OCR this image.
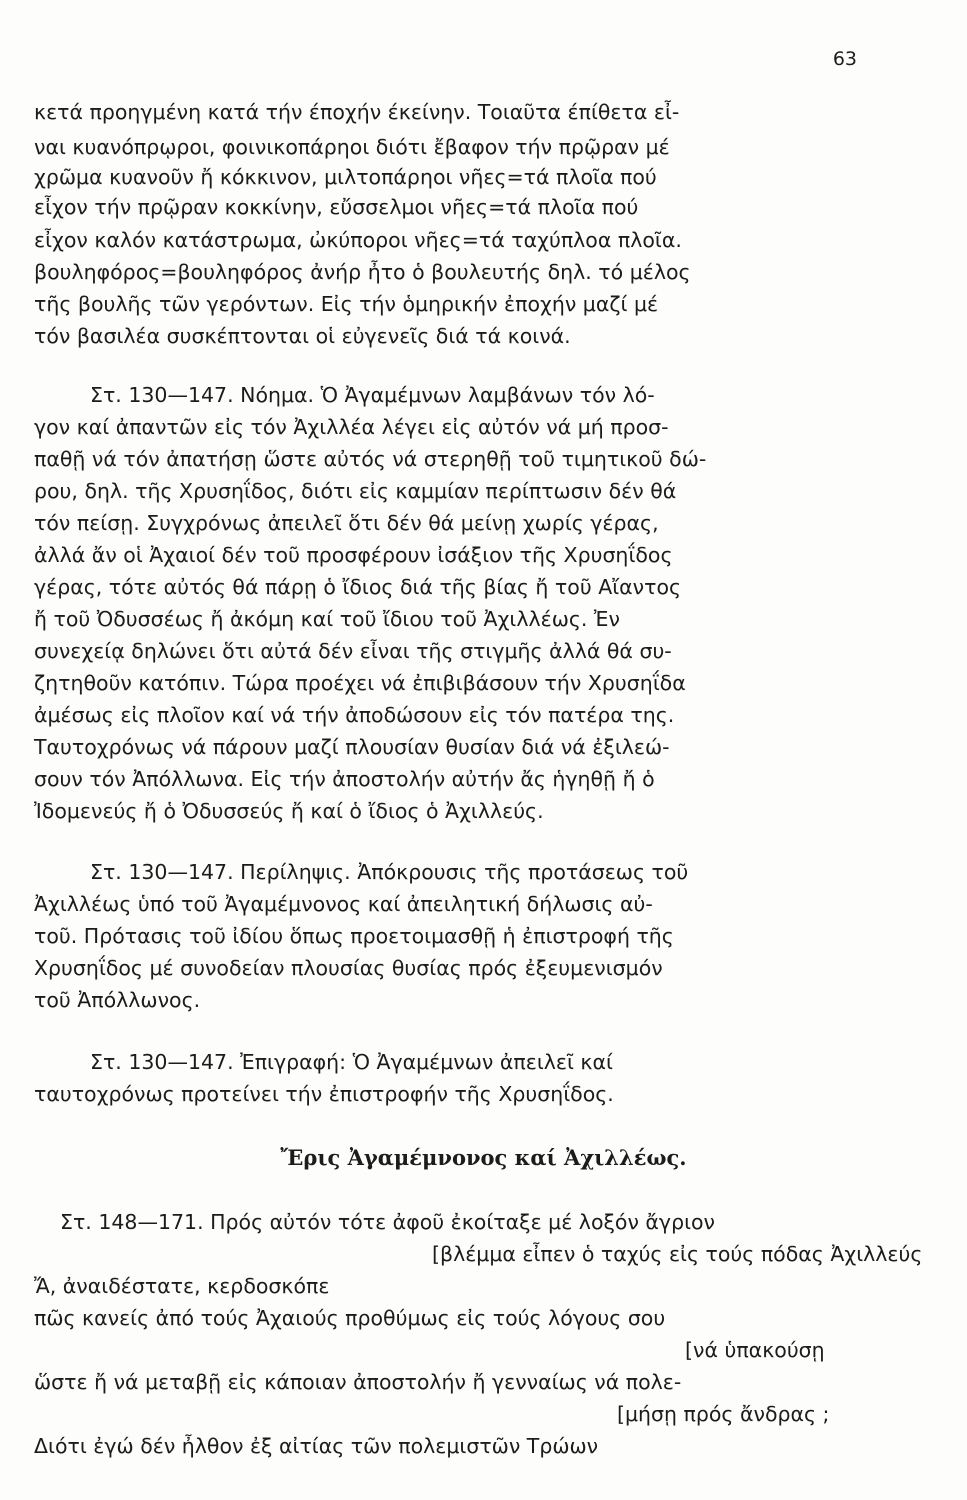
63
κετά προηγμένη κατά τήν έποχήν έκείνην. Τοιαῦτα έπίθετα εἶ-
ναι κυανόπρῳροι, φοινικοπάρηοι διότι ἔβαφον τήν πρῷραν μέ
χρῶμα κυανοῦν ἤ κόκκινον, μιλτοπάρηοι νῆες=τά πλοῖα πού
εἶχον τήν πρῷραν κοκκίνην, εὔσσελμοι νῆες=τά πλοῖα πού
εἶχον καλόν κατάστρωμα, ὠκύποροι νῆες=τά ταχύπλοα πλοῖα.
βουληφόρος=βουληφόρος ἀνήρ ἦτο ὁ βουλευτής δηλ. τό μέλος
τῆς βουλῆς τῶν γερόντων. Εἰς τήν ὁμηρικήν ἐποχήν μαζί μέ
τόν βασιλέα συσκέπτονται οἱ εὐγενεῖς διά τά κοινά.
Στ. 130—147. Νόημα. Ὁ Ἀγαμέμνων λαμβάνων τόν λό-
γον καί ἀπαντῶν εἰς τόν Ἀχιλλέα λέγει εἰς αὐτόν νά μή προσ-
παθῇ νά τόν ἀπατήσῃ ὥστε αὐτός νά στερηθῇ τοῦ τιμητικοῦ δώ-
ρου, δηλ. τῆς Χρυσηΐδος, διότι εἰς καμμίαν περίπτωσιν δέν θά
τόν πείσῃ. Συγχρόνως ἀπειλεῖ ὅτι δέν θά μείνῃ χωρίς γέρας,
ἀλλά ἄν οἱ Ἀχαιοί δέν τοῦ προσφέρουν ἰσάξιον τῆς Χρυσηΐδος
γέρας, τότε αὐτός θά πάρῃ ὁ ἴδιος διά τῆς βίας ἤ τοῦ Αἴαντος
ἤ τοῦ Ὀδυσσέως ἤ ἀκόμη καί τοῦ ἴδιου τοῦ Ἀχιλλέως. Ἐν
συνεχείᾳ δηλώνει ὅτι αὐτά δέν εἶναι τῆς στιγμῆς ἀλλά θά συ-
ζητηθοῦν κατόπιν. Τώρα προέχει νά ἐπιβιβάσουν τήν Χρυσηΐδα
ἀμέσως εἰς πλοῖον καί νά τήν ἀποδώσουν εἰς τόν πατέρα της.
Ταυτοχρόνως νά πάρουν μαζί πλουσίαν θυσίαν διά νά ἐξιλεώ-
σουν τόν Ἀπόλλωνα. Εἰς τήν ἀποστολήν αὐτήν ἄς ἡγηθῇ ἤ ὁ
Ἰδομενεύς ἤ ὁ Ὀδυσσεύς ἤ καί ὁ ἴδιος ὁ Ἀχιλλεύς.
Στ. 130—147. Περίληψις. Ἀπόκρουσις τῆς προτάσεως τοῦ
Ἀχιλλέως ὑπό τοῦ Ἀγαμέμνονος καί ἀπειλητική δήλωσις αὐ-
τοῦ. Πρότασις τοῦ ἰδίου ὅπως προετοιμασθῇ ἡ ἐπιστροφή τῆς
Χρυσηΐδος μέ συνοδείαν πλουσίας θυσίας πρός ἐξευμενισμόν
τοῦ Ἀπόλλωνος.
Στ. 130—147. Ἐπιγραφή: Ὁ Ἀγαμέμνων ἀπειλεῖ καί
ταυτοχρόνως προτείνει τήν ἐπιστροφήν τῆς Χρυσηΐδος.
Ἔρις Ἀγαμέμνονος καί Ἀχιλλέως.
Στ. 148—171. Πρός αὐτόν τότε ἀφοῦ ἐκοίταξε μέ λοξόν ἄγριον
[βλέμμα εἶπεν ὁ ταχύς εἰς τούς πόδας Ἀχιλλεύς
Ἄ, ἀναιδέστατε, κερδοσκόπε
πῶς κανείς ἀπό τούς Ἀχαιούς προθύμως εἰς τούς λόγους σου
[νά ὑπακούσῃ
ὥστε ἤ νά μεταβῇ εἰς κάποιαν ἀποστολήν ἤ γενναίως νά πολε-
[μήσῃ πρός ἄνδρας ;
Διότι ἐγώ δέν ἦλθον ἐξ αἰτίας τῶν πολεμιστῶν Τρώων
